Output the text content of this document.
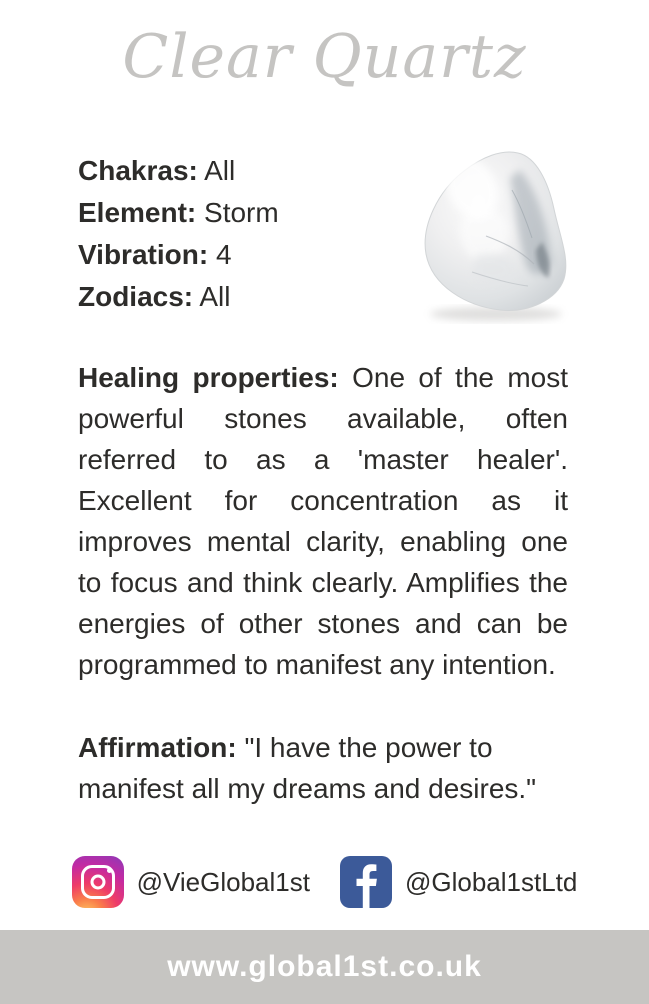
Clear Quartz
Chakras: All
Element: Storm
Vibration: 4
Zodiacs: All

Healing properties: One of the most powerful stones available, often referred to as a 'master healer'. Excellent for concentration as it improves mental clarity, enabling one to focus and think clearly. Amplifies the energies of other stones and can be programmed to manifest any intention.

Affirmation: "I have the power to manifest all my dreams and desires."

@VieGlobal1st	@Global1stLtd
www.global1st.co.uk
